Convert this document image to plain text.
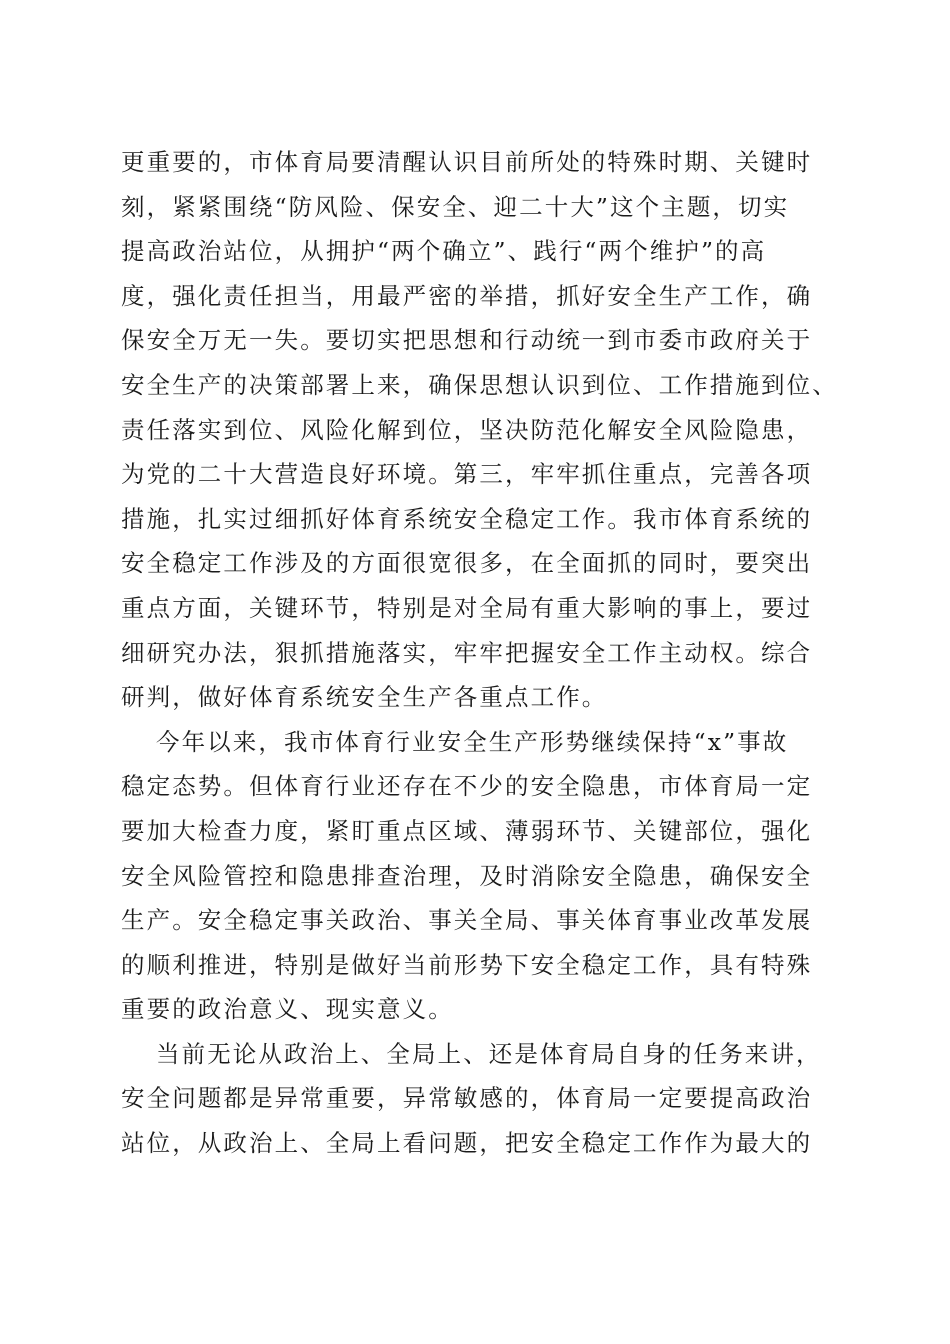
更重要的，市体育局要清醒认识目前所处的特殊时期、关键时
刻，紧紧围绕“防风险、保安全、迎二十大”这个主题，切实
提高政治站位，从拥护“两个确立”、践行“两个维护”的高
度，强化责任担当，用最严密的举措，抓好安全生产工作，确
保安全万无一失。要切实把思想和行动统一到市委市政府关于
安全生产的决策部署上来，确保思想认识到位、工作措施到位、
责任落实到位、风险化解到位，坚决防范化解安全风险隐患，
为党的二十大营造良好环境。第三，牢牢抓住重点，完善各项
措施，扎实过细抓好体育系统安全稳定工作。我市体育系统的
安全稳定工作涉及的方面很宽很多，在全面抓的同时，要突出
重点方面，关键环节，特别是对全局有重大影响的事上，要过
细研究办法，狠抓措施落实，牢牢把握安全工作主动权。综合
研判，做好体育系统安全生产各重点工作。
今年以来，我市体育行业安全生产形势继续保持“x”事故
稳定态势。但体育行业还存在不少的安全隐患，市体育局一定
要加大检查力度，紧盯重点区域、薄弱环节、关键部位，强化
安全风险管控和隐患排查治理，及时消除安全隐患，确保安全
生产。安全稳定事关政治、事关全局、事关体育事业改革发展
的顺利推进，特别是做好当前形势下安全稳定工作，具有特殊
重要的政治意义、现实意义。
当前无论从政治上、全局上、还是体育局自身的任务来讲，
安全问题都是异常重要，异常敏感的，体育局一定要提高政治
站位，从政治上、全局上看问题，把安全稳定工作作为最大的
